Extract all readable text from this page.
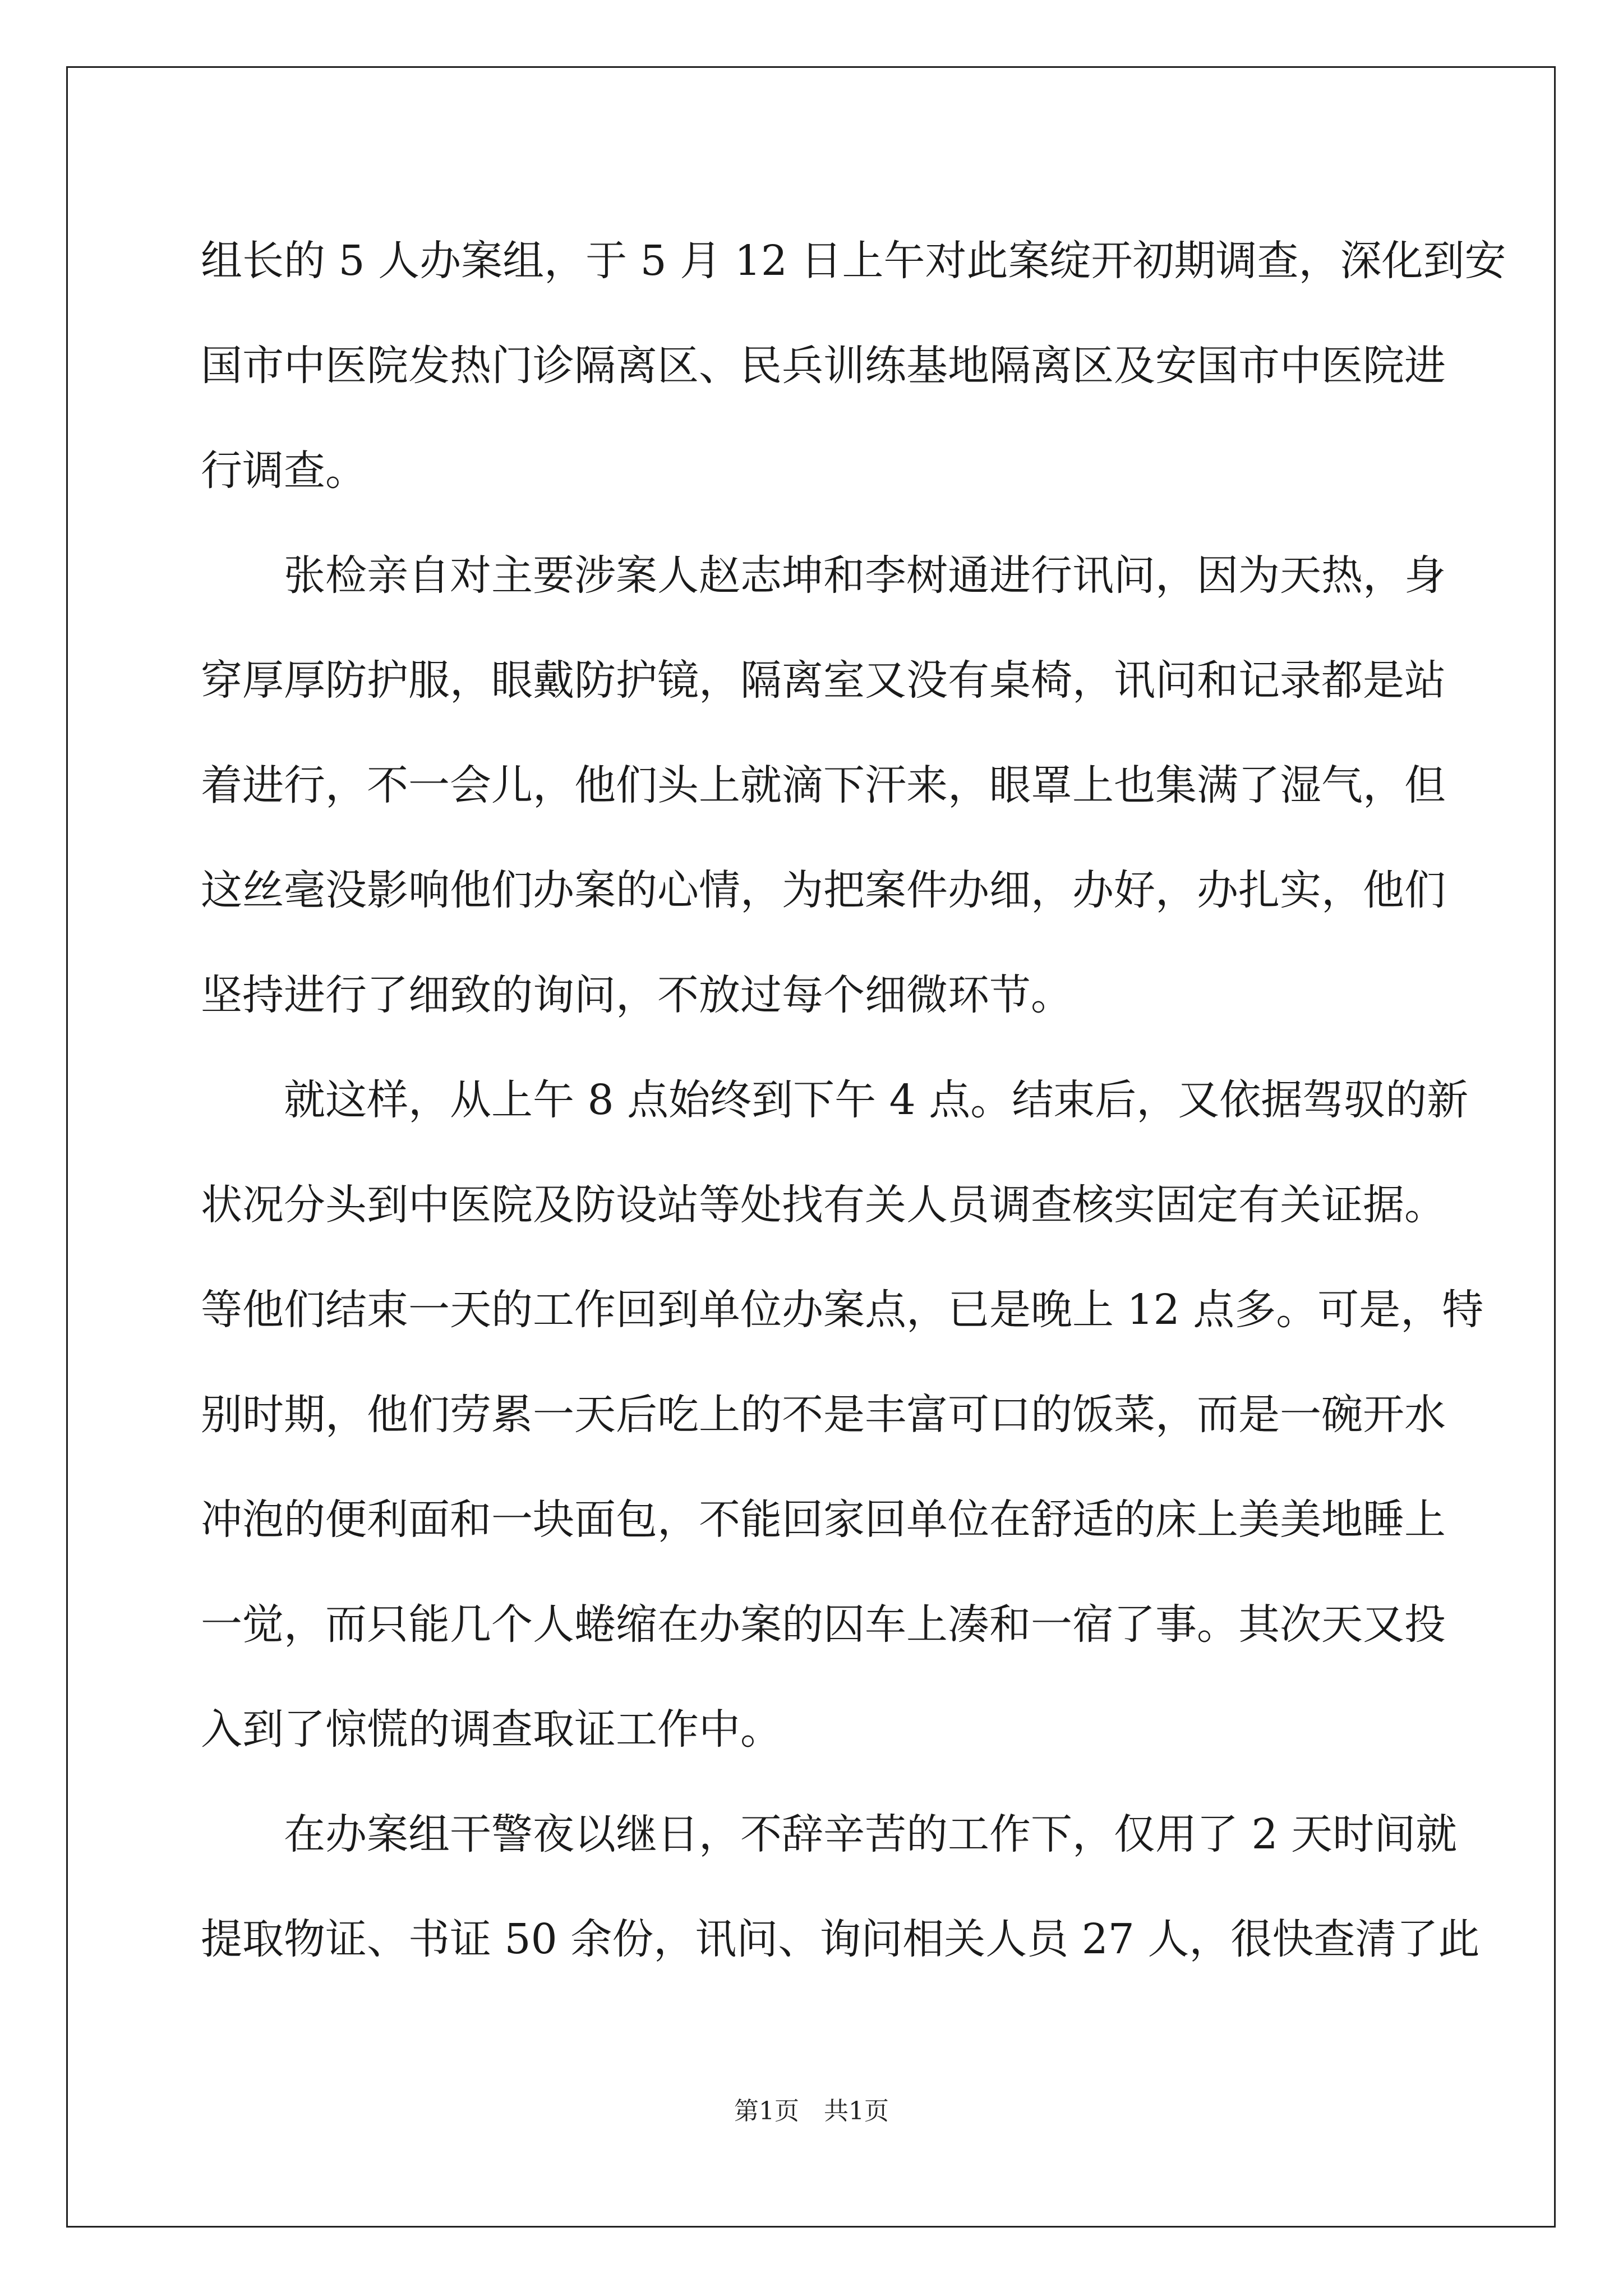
组长的 5 人办案组，于 5 月 12 日上午对此案绽开初期调查，深化到安
国市中医院发热门诊隔离区、民兵训练基地隔离区及安国市中医院进
行调查。
张检亲自对主要涉案人赵志坤和李树通进行讯问，因为天热，身
穿厚厚防护服，眼戴防护镜，隔离室又没有桌椅，讯问和记录都是站
着进行，不一会儿，他们头上就滴下汗来，眼罩上也集满了湿气，但
这丝毫没影响他们办案的心情，为把案件办细，办好，办扎实，他们
坚持进行了细致的询问，不放过每个细微环节。
就这样，从上午 8 点始终到下午 4 点。结束后，又依据驾驭的新
状况分头到中医院及防设站等处找有关人员调查核实固定有关证据。
等他们结束一天的工作回到单位办案点，已是晚上 12 点多。可是，特
别时期，他们劳累一天后吃上的不是丰富可口的饭菜，而是一碗开水
冲泡的便利面和一块面包，不能回家回单位在舒适的床上美美地睡上
一觉，而只能几个人蜷缩在办案的囚车上凑和一宿了事。其次天又投
入到了惊慌的调查取证工作中。
在办案组干警夜以继日，不辞辛苦的工作下，仅用了 2 天时间就
提取物证、书证 50 余份，讯问、询问相关人员 27 人，很快查清了此
第1页　共1页
